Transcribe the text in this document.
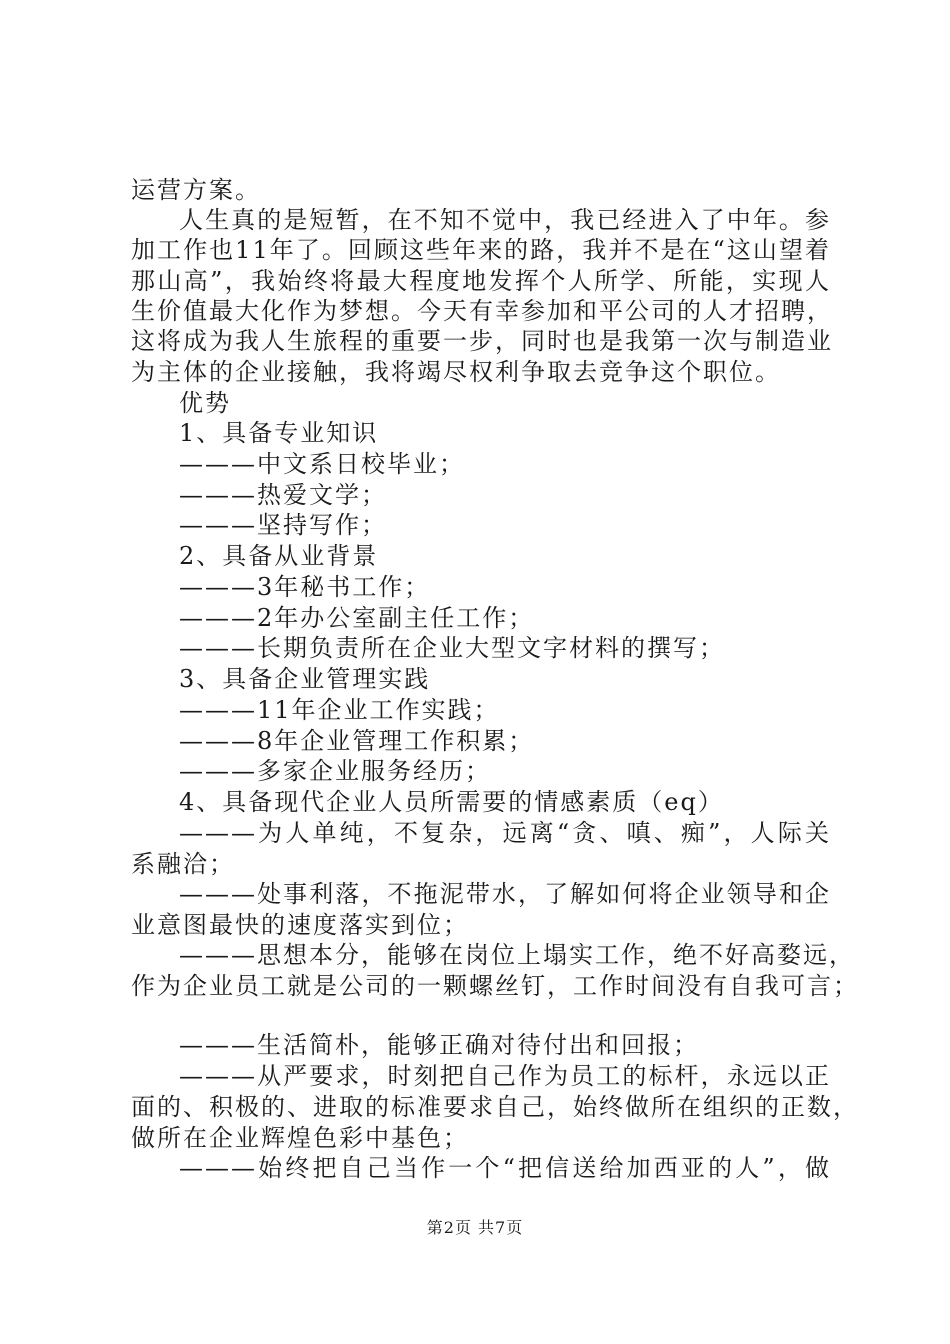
运营方案。
人生真的是短暂，在不知不觉中，我已经进入了中年。参
加工作也11年了。回顾这些年来的路，我并不是在“这山望着
那山高”，我始终将最大程度地发挥个人所学、所能，实现人
生价值最大化作为梦想。今天有幸参加和平公司的人才招聘，
这将成为我人生旅程的重要一步，同时也是我第一次与制造业
为主体的企业接触，我将竭尽权利争取去竞争这个职位。
优势
1、具备专业知识
———中文系日校毕业；
———热爱文学；
———坚持写作；
2、具备从业背景
———3年秘书工作；
———2年办公室副主任工作；
———长期负责所在企业大型文字材料的撰写；
3、具备企业管理实践
———11年企业工作实践；
———8年企业管理工作积累；
———多家企业服务经历；
4、具备现代企业人员所需要的情感素质（eq）
———为人单纯，不复杂，远离“贪、嗔、痴”，人际关
系融洽；
———处事利落，不拖泥带水，了解如何将企业领导和企
业意图最快的速度落实到位；
———思想本分，能够在岗位上塌实工作，绝不好高婺远，
作为企业员工就是公司的一颗螺丝钉，工作时间没有自我可言；
———生活简朴，能够正确对待付出和回报；
———从严要求，时刻把自己作为员工的标杆，永远以正
面的、积极的、进取的标准要求自己，始终做所在组织的正数，
做所在企业辉煌色彩中基色；
———始终把自己当作一个“把信送给加西亚的人”，做
第2页 共7页
